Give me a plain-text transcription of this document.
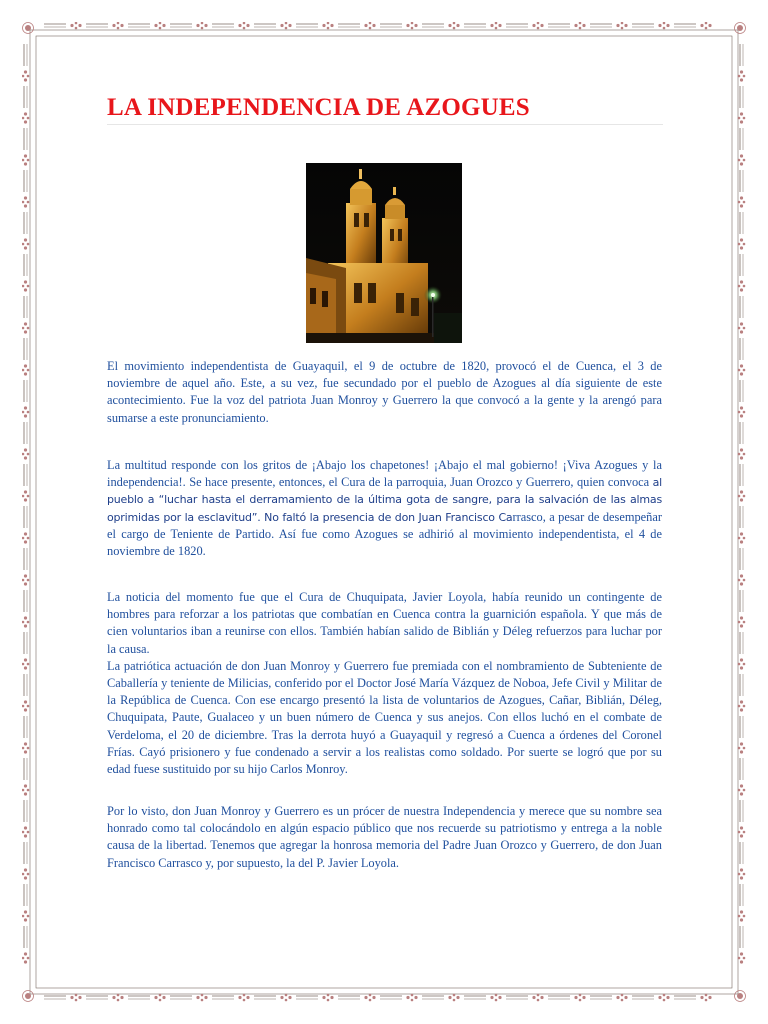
LA INDEPENDENCIA DE AZOGUES

El movimiento independentista de Guayaquil, el 9 de octubre de 1820, provocó el de Cuenca, el 3 de noviembre de aquel año. Este, a su vez, fue secundado por el pueblo de Azogues al día siguiente de este acontecimiento. Fue la voz del patriota Juan Monroy y Guerrero la que convocó a la gente y la arengó para sumarse a este pronunciamiento.

La multitud responde con los gritos de ¡Abajo los chapetones! ¡Abajo el mal gobierno! ¡Viva Azogues y la independencia!. Se hace presente, entonces, el Cura de la parroquia, Juan Orozco y Guerrero, quien convoca al pueblo a “luchar hasta el derramamiento de la última gota de sangre, para la salvación de las almas oprimidas por la esclavitud”. No faltó la presencia de don Juan Francisco Carrasco, a pesar de desempeñar el cargo de Teniente de Partido. Así fue como Azogues se adhirió al movimiento independentista, el 4 de noviembre de 1820.

La noticia del momento fue que el Cura de Chuquipata, Javier Loyola, había reunido un contingente de hombres para reforzar a los patriotas que combatían en Cuenca contra la guarnición española. Y que más de cien voluntarios iban a reunirse con ellos. También habían salido de Biblián y Déleg refuerzos para luchar por la causa.

La patriótica actuación de don Juan Monroy y Guerrero fue premiada con el nombramiento de Subteniente de Caballería y teniente de Milicias, conferido por el Doctor José María Vázquez de Noboa, Jefe Civil y Militar de la República de Cuenca. Con ese encargo presentó la lista de voluntarios de Azogues, Cañar, Biblián, Déleg, Chuquipata, Paute, Gualaceo y un buen número de Cuenca y sus anejos. Con ellos luchó en el combate de Verdeloma, el 20 de diciembre. Tras la derrota huyó a Guayaquil y regresó a Cuenca a órdenes del Coronel Frías. Cayó prisionero y fue condenado a servir a los realistas como soldado. Por suerte se logró que por su edad fuese sustituido por su hijo Carlos Monroy.

Por lo visto, don Juan Monroy y Guerrero es un prócer de nuestra Independencia y merece que su nombre sea honrado como tal colocándolo en algún espacio público que nos recuerde su patriotismo y entrega a la noble causa de la libertad. Tenemos que agregar la honrosa memoria del Padre Juan Orozco y Guerrero, de don Juan Francisco Carrasco y, por supuesto, la del P. Javier Loyola.
